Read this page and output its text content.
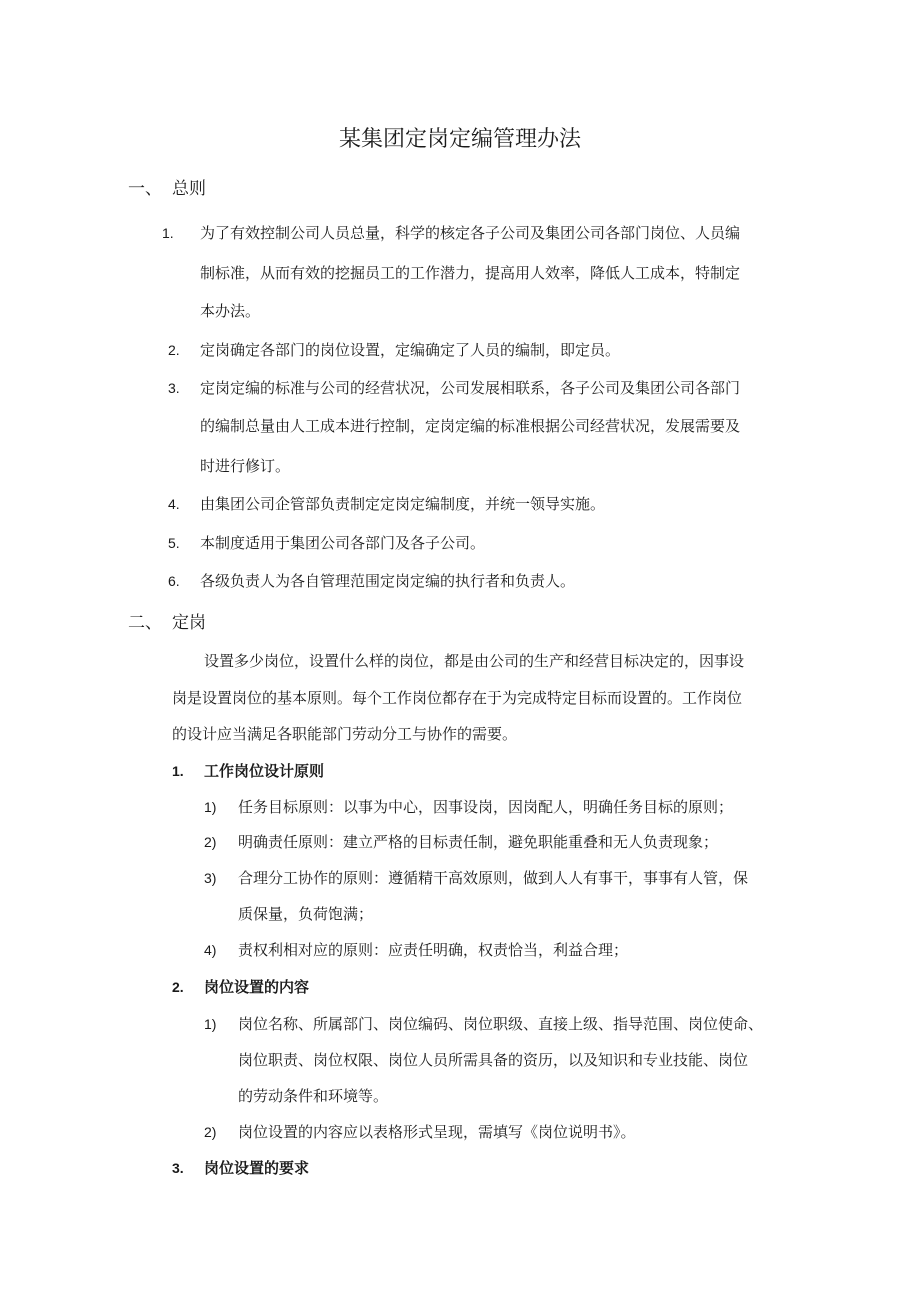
某集团定岗定编管理办法
一、 总则
1. 为了有效控制公司人员总量，科学的核定各子公司及集团公司各部门岗位、人员编
制标准，从而有效的挖掘员工的工作潜力，提高用人效率，降低人工成本，特制定
本办法。
2. 定岗确定各部门的岗位设置，定编确定了人员的编制，即定员。
3. 定岗定编的标准与公司的经营状况，公司发展相联系，各子公司及集团公司各部门
的编制总量由人工成本进行控制，定岗定编的标准根据公司经营状况，发展需要及
时进行修订。
4. 由集团公司企管部负责制定定岗定编制度，并统一领导实施。
5. 本制度适用于集团公司各部门及各子公司。
6. 各级负责人为各自管理范围定岗定编的执行者和负责人。
二、 定岗
设置多少岗位，设置什么样的岗位，都是由公司的生产和经营目标决定的，因事设
岗是设置岗位的基本原则。每个工作岗位都存在于为完成特定目标而设置的。工作岗位
的设计应当满足各职能部门劳动分工与协作的需要。
1. 工作岗位设计原则
1) 任务目标原则：以事为中心，因事设岗，因岗配人，明确任务目标的原则；
2) 明确责任原则：建立严格的目标责任制，避免职能重叠和无人负责现象；
3) 合理分工协作的原则：遵循精干高效原则，做到人人有事干，事事有人管，保
质保量，负荷饱满；
4) 责权利相对应的原则：应责任明确，权责恰当，利益合理；
2. 岗位设置的内容
1) 岗位名称、所属部门、岗位编码、岗位职级、直接上级、指导范围、岗位使命、
岗位职责、岗位权限、岗位人员所需具备的资历，以及知识和专业技能、岗位
的劳动条件和环境等。
2) 岗位设置的内容应以表格形式呈现，需填写《岗位说明书》。
3. 岗位设置的要求
